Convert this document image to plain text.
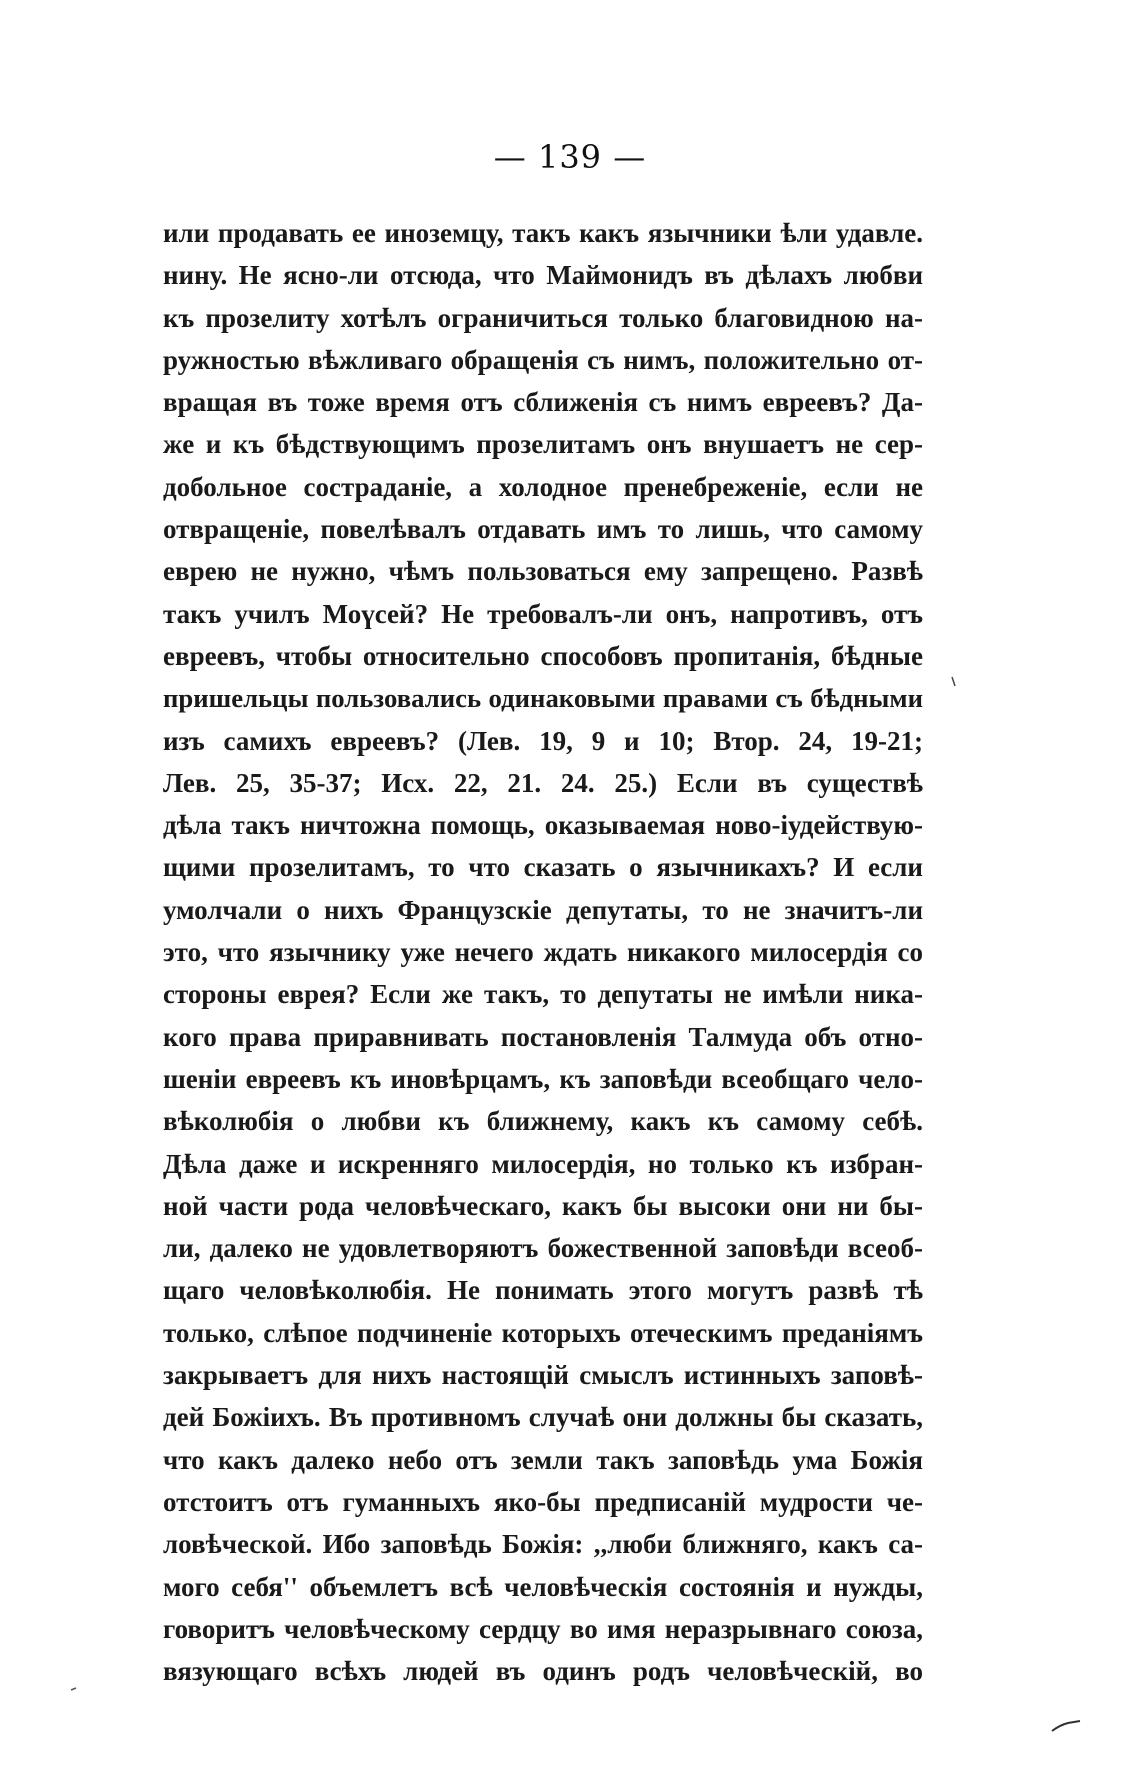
— 139 —
или продавать ее иноземцу, такъ какъ язычники ѣли удавле.
нину. Не ясно-ли отсюда, что Маймонидъ въ дѣлахъ любви
къ прозелиту хотѣлъ ограничиться только благовидною на-
ружностью вѣжливаго обращенія съ нимъ, положительно от-
вращая въ тоже время отъ сближенія съ нимъ евреевъ? Да-
же и къ бѣдствующимъ прозелитамъ онъ внушаетъ не сер-
добольное состраданіе, а холодное пренебреженіе, если не
отвращеніе, повелѣвалъ отдавать имъ то лишь, что самому
еврею не нужно, чѣмъ пользоваться ему запрещено. Развѣ
такъ училъ Моүсей? Не требовалъ-ли онъ, напротивъ, отъ
евреевъ, чтобы относительно способовъ пропитанія, бѣдные
пришельцы пользовались одинаковыми правами съ бѣдными
изъ самихъ евреевъ? (Лев. 19, 9 и 10; Втор. 24, 19-21;
Лев. 25, 35-37; Исх. 22, 21. 24. 25.) Если въ существѣ
дѣла такъ ничтожна помощь, оказываемая ново-іудействую-
щими прозелитамъ, то что сказать о язычникахъ? И если
умолчали о нихъ Французскіе депутаты, то не значитъ-ли
это, что язычнику уже нечего ждать никакого милосердія со
стороны еврея? Если же такъ, то депутаты не имѣли ника-
кого права приравнивать постановленія Талмуда объ отно-
шеніи евреевъ къ иновѣрцамъ, къ заповѣди всеобщаго чело-
вѣколюбія о любви къ ближнему, какъ къ самому себѣ.
Дѣла даже и искренняго милосердія, но только къ избран-
ной части рода человѣческаго, какъ бы высоки они ни бы-
ли, далеко не удовлетворяютъ божественной заповѣди всеоб-
щаго человѣколюбія. Не понимать этого могутъ развѣ тѣ
только, слѣпое подчиненіе которыхъ отеческимъ преданіямъ
закрываетъ для нихъ настоящій смыслъ истинныхъ заповѣ-
дей Божіихъ. Въ противномъ случаѣ они должны бы сказать,
что какъ далеко небо отъ земли такъ заповѣдь ума Божія
отстоитъ отъ гуманныхъ яко-бы предписаній мудрости че-
ловѣческой. Ибо заповѣдь Божія: ,,люби ближняго, какъ са-
мого себя'' объемлетъ всѣ человѣческія состоянія и нужды,
говоритъ человѣческому сердцу во имя неразрывнаго союза,
вязующаго всѣхъ людей въ одинъ родъ человѣческій, во
